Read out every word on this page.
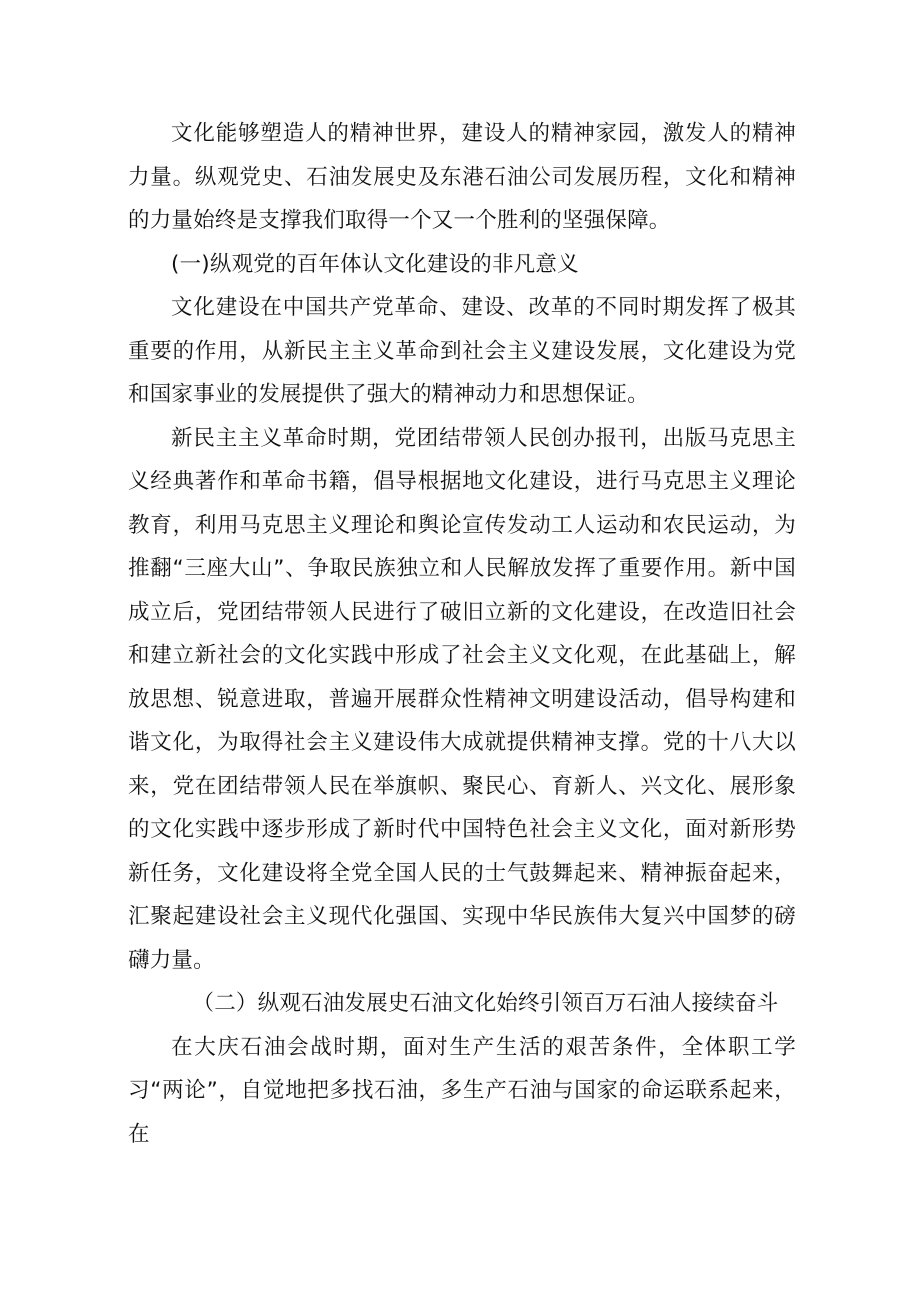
文化能够塑造人的精神世界，建设人的精神家园，激发人的精神力量。纵观党史、石油发展史及东港石油公司发展历程，文化和精神的力量始终是支撑我们取得一个又一个胜利的坚强保障。

(一)纵观党的百年体认文化建设的非凡意义

文化建设在中国共产党革命、建设、改革的不同时期发挥了极其重要的作用，从新民主主义革命到社会主义建设发展，文化建设为党和国家事业的发展提供了强大的精神动力和思想保证。

新民主主义革命时期，党团结带领人民创办报刊，出版马克思主义经典著作和革命书籍，倡导根据地文化建设，进行马克思主义理论教育，利用马克思主义理论和舆论宣传发动工人运动和农民运动，为推翻“三座大山”、争取民族独立和人民解放发挥了重要作用。新中国成立后，党团结带领人民进行了破旧立新的文化建设，在改造旧社会和建立新社会的文化实践中形成了社会主义文化观，在此基础上，解放思想、锐意进取，普遍开展群众性精神文明建设活动，倡导构建和谐文化，为取得社会主义建设伟大成就提供精神支撑。党的十八大以来，党在团结带领人民在举旗帜、聚民心、育新人、兴文化、展形象的文化实践中逐步形成了新时代中国特色社会主义文化，面对新形势新任务，文化建设将全党全国人民的士气鼓舞起来、精神振奋起来，汇聚起建设社会主义现代化强国、实现中华民族伟大复兴中国梦的磅礴力量。

（二）纵观石油发展史石油文化始终引领百万石油人接续奋斗

在大庆石油会战时期，面对生产生活的艰苦条件，全体职工学习“两论”，自觉地把多找石油，多生产石油与国家的命运联系起来，在
